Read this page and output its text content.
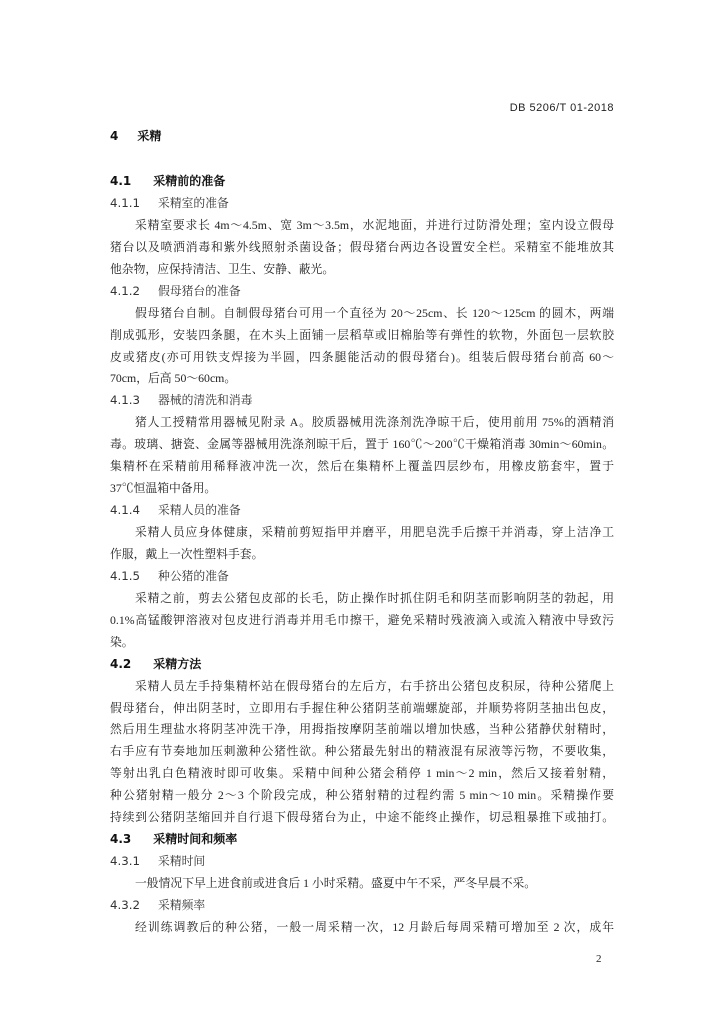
DB 5206/T 01-2018
4 采精
4.1 采精前的准备
4.1.1 采精室的准备
采精室要求长 4m～4.5m、宽 3m～3.5m，水泥地面，并进行过防滑处理；室内设立假母
猪台以及喷洒消毒和紫外线照射杀菌设备；假母猪台两边各设置安全栏。采精室不能堆放其
他杂物，应保持清洁、卫生、安静、蔽光。
4.1.2 假母猪台的准备
假母猪台自制。自制假母猪台可用一个直径为 20～25cm、长 120～125cm 的圆木，两端
削成弧形，安装四条腿，在木头上面铺一层稻草或旧棉胎等有弹性的软物，外面包一层软胶
皮或猪皮(亦可用铁支焊接为半圆，四条腿能活动的假母猪台)。组装后假母猪台前高 60～
70cm，后高 50～60cm。
4.1.3 器械的清洗和消毒
猪人工授精常用器械见附录 A。胶质器械用洗涤剂洗净晾干后，使用前用 75%的酒精消
毒。玻璃、搪瓷、金属等器械用洗涤剂晾干后，置于 160℃～200℃干燥箱消毒 30min～60min。
集精杯在采精前用稀释液冲洗一次，然后在集精杯上覆盖四层纱布，用橡皮筋套牢，置于
37℃恒温箱中备用。
4.1.4 采精人员的准备
采精人员应身体健康，采精前剪短指甲并磨平，用肥皂洗手后擦干并消毒，穿上洁净工
作服，戴上一次性塑料手套。
4.1.5 种公猪的准备
采精之前，剪去公猪包皮部的长毛，防止操作时抓住阴毛和阴茎而影响阴茎的勃起，用
0.1%高锰酸钾溶液对包皮进行消毒并用毛巾擦干，避免采精时残液滴入或流入精液中导致污
染。
4.2 采精方法
采精人员左手持集精杯站在假母猪台的左后方，右手挤出公猪包皮积尿，待种公猪爬上
假母猪台，伸出阴茎时，立即用右手握住种公猪阴茎前端螺旋部，并顺势将阴茎抽出包皮，
然后用生理盐水将阴茎冲洗干净，用拇指按摩阴茎前端以增加快感，当种公猪静伏射精时，
右手应有节奏地加压刺激种公猪性欲。种公猪最先射出的精液混有尿液等污物，不要收集，
等射出乳白色精液时即可收集。采精中间种公猪会稍停 1 min～2 min，然后又接着射精，
种公猪射精一般分 2～3 个阶段完成，种公猪射精的过程约需 5 min～10 min。采精操作要
持续到公猪阴茎缩回并自行退下假母猪台为止，中途不能终止操作，切忌粗暴推下或抽打。
4.3 采精时间和频率
4.3.1 采精时间
一般情况下早上进食前或进食后 1 小时采精。盛夏中午不采，严冬早晨不采。
4.3.2 采精频率
经训练调教后的种公猪，一般一周采精一次，12 月龄后每周采精可增加至 2 次，成年
2
